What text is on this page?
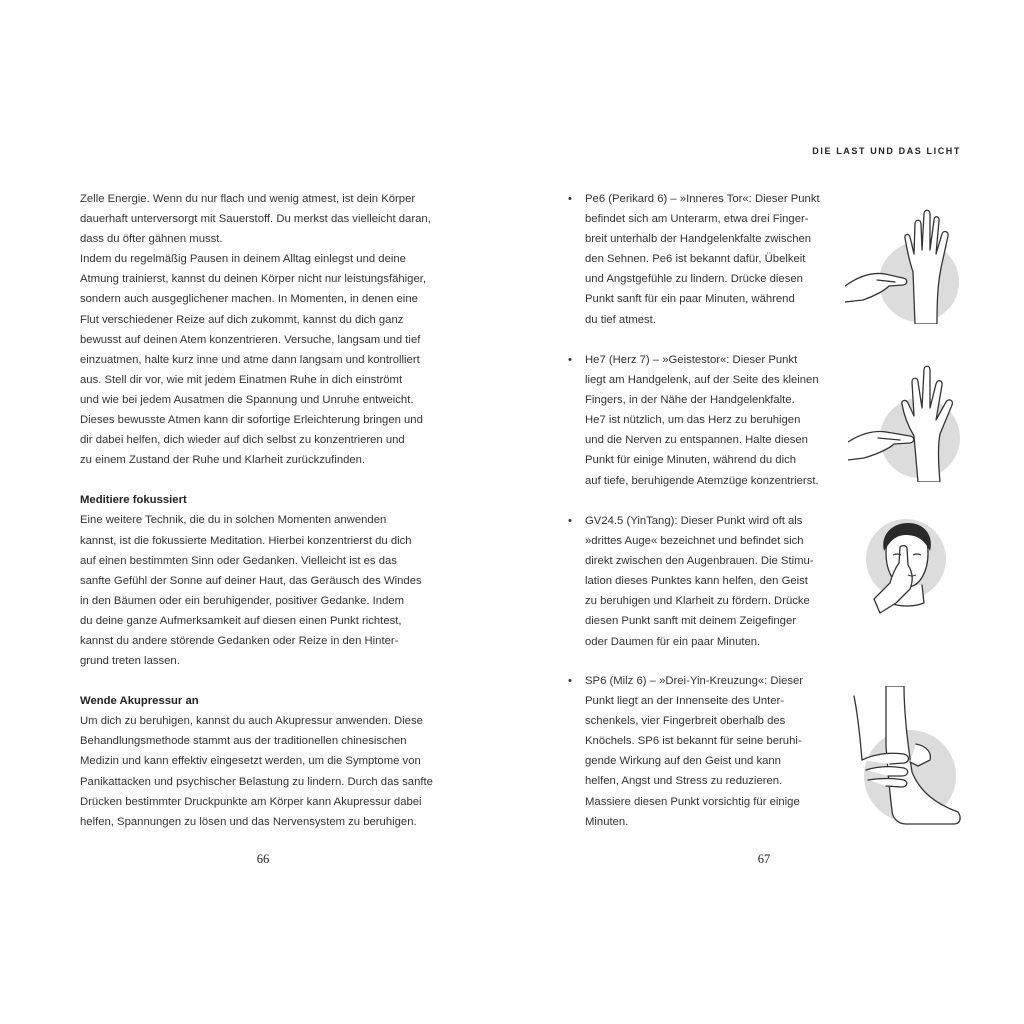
DIE LAST UND DAS LICHT

Zelle Energie. Wenn du nur flach und wenig atmest, ist dein Körper
dauerhaft unterversorgt mit Sauerstoff. Du merkst das vielleicht daran,
dass du öfter gähnen musst.
Indem du regelmäßig Pausen in deinem Alltag einlegst und deine
Atmung trainierst, kannst du deinen Körper nicht nur leistungsfähiger,
sondern auch ausgeglichener machen. In Momenten, in denen eine
Flut verschiedener Reize auf dich zukommt, kannst du dich ganz
bewusst auf deinen Atem konzentrieren. Versuche, langsam und tief
einzuatmen, halte kurz inne und atme dann langsam und kontrolliert
aus. Stell dir vor, wie mit jedem Einatmen Ruhe in dich einströmt
und wie bei jedem Ausatmen die Spannung und Unruhe entweicht.
Dieses bewusste Atmen kann dir sofortige Erleichterung bringen und
dir dabei helfen, dich wieder auf dich selbst zu konzentrieren und
zu einem Zustand der Ruhe und Klarheit zurückzufinden.

Meditiere fokussiert

Eine weitere Technik, die du in solchen Momenten anwenden
kannst, ist die fokussierte Meditation. Hierbei konzentrierst du dich
auf einen bestimmten Sinn oder Gedanken. Vielleicht ist es das
sanfte Gefühl der Sonne auf deiner Haut, das Geräusch des Windes
in den Bäumen oder ein beruhigender, positiver Gedanke. Indem
du deine ganze Aufmerksamkeit auf diesen einen Punkt richtest,
kannst du andere störende Gedanken oder Reize in den Hinter-
grund treten lassen.

Wende Akupressur an

Um dich zu beruhigen, kannst du auch Akupressur anwenden. Diese
Behandlungsmethode stammt aus der traditionellen chinesischen
Medizin und kann effektiv eingesetzt werden, um die Symptome von
Panikattacken und psychischer Belastung zu lindern. Durch das sanfte
Drücken bestimmter Druckpunkte am Körper kann Akupressur dabei
helfen, Spannungen zu lösen und das Nervensystem zu beruhigen.

•	Pe6 (Perikard 6) – »Inneres Tor«: Dieser Punkt
befindet sich am Unterarm, etwa drei Finger-
breit unterhalb der Handgelenkfalte zwischen
den Sehnen. Pe6 ist bekannt dafür, Übelkeit
und Angstgefühle zu lindern. Drücke diesen
Punkt sanft für ein paar Minuten, während
du tief atmest.
•	He7 (Herz 7) – »Geistestor«: Dieser Punkt
liegt am Handgelenk, auf der Seite des kleinen
Fingers, in der Nähe der Handgelenkfalte.
He7 ist nützlich, um das Herz zu beruhigen
und die Nerven zu entspannen. Halte diesen
Punkt für einige Minuten, während du dich
auf tiefe, beruhigende Atemzüge konzentrierst.
•	GV24.5 (YinTang): Dieser Punkt wird oft als
»drittes Auge« bezeichnet und befindet sich
direkt zwischen den Augenbrauen. Die Stimu-
lation dieses Punktes kann helfen, den Geist
zu beruhigen und Klarheit zu fördern. Drücke
diesen Punkt sanft mit deinem Zeigefinger
oder Daumen für ein paar Minuten.
•	SP6 (Milz 6) – »Drei-Yin-Kreuzung«: Dieser
Punkt liegt an der Innenseite des Unter-
schenkels, vier Fingerbreit oberhalb des
Knöchels. SP6 ist bekannt für seine beruhi-
gende Wirkung auf den Geist und kann
helfen, Angst und Stress zu reduzieren.
Massiere diesen Punkt vorsichtig für einige
Minuten.
66	67
